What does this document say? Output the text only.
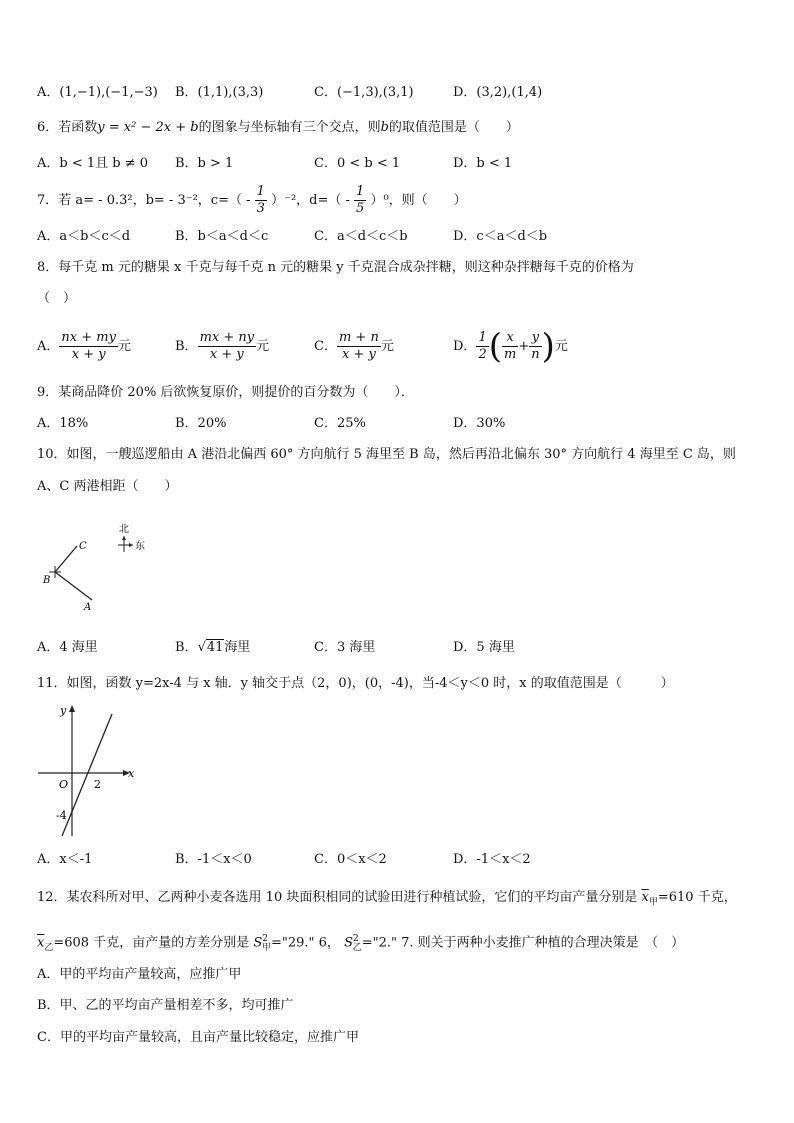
A．(1,−1),(−1,−3) B．(1,1),(3,3)	C．(−1,3),(3,1)	D．(3,2),(1,4)
6．若函数y = x² − 2x + b的图象与坐标轴有三个交点，则b的取值范围是（　　）
A．b < 1且 b ≠ 0 B．b > 1	C．0 < b < 1	D．b < 1
7．若 a= - 0.3²，b= - 3⁻²，$c=( - \frac{1}{3} )^{-2}$，$d=( - \frac{1}{5} )^0$，则（　　）
A．a＜b＜c＜d	B．b＜a＜d＜c	C．a＜d＜c＜b	D．c＜a＜d＜b
8．每千克 m 元的糖果 x 千克与每千克 n 元的糖果 y 千克混合成杂拌糖，则这种杂拌糖每千克的价格为
（　）
A． $\frac{nx + my}{x + y}$ 元	B． $\frac{mx + ny}{x + y}$ 元	C． $\frac{m + n}{x + y}$ 元	D． $\frac{1}{2}$ ( $\frac{x}{m} + \frac{y}{n}$ )元
9．某商品降价 20% 后欲恢复原价，则提价的百分数为（　　）．
A．18%	B．20%	C．25%	D．30%
10．如图，一艘巡逻船由 A 港沿北偏西 60° 方向航行 5 海里至 B 岛，然后再沿北偏东 30° 方向航行 4 海里至 C 岛，则
A、C 两港相距（　　）
C
B
A
北
东
A．4 海里	B．√41海里	C．3 海里	D．5 海里
11．如图，函数 y=2x-4 与 x 轴．y 轴交于点（2，0)，(0，-4)，当-4＜y＜0 时，x 的取值范围是（　　　）
y
x
O 2
-4
A．x＜-1	B．-1＜x＜0	C．0＜x＜2	D．-1＜x＜2
12．某农科所对甲、乙两种小麦各选用 10 块面积相同的试验田进行种植试验，它们的平均亩产量分别是 $\overline{x}_甲=610$ 千克，
$\overline{x}_乙=608$ 千克，亩产量的方差分别是 $S^2_甲="29$." 6， $S^2_乙="2$." 7. 则关于两种小麦推广种植的合理决策是　（　）
A．甲的平均亩产量较高，应推广甲
B．甲、乙的平均亩产量相差不多，均可推广
C．甲的平均亩产量较高，且亩产量比较稳定，应推广甲
